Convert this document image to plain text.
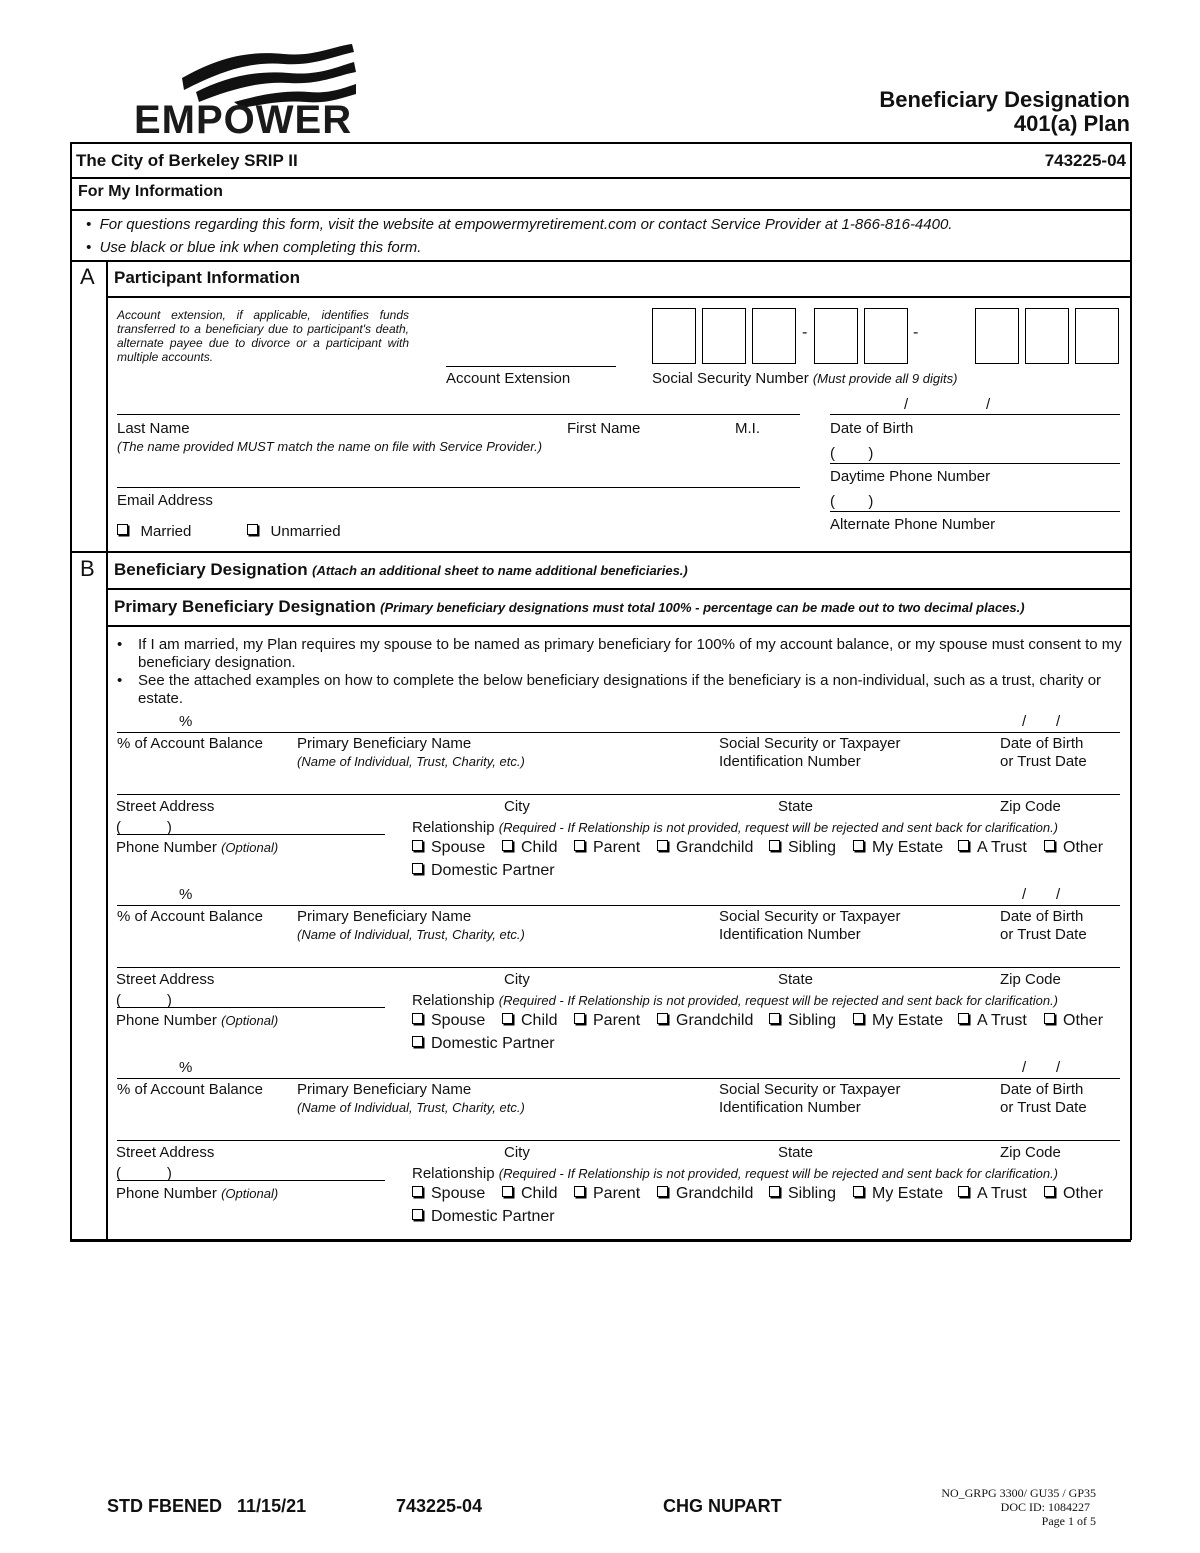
EMPOWER	Beneficiary Designation
401(a) Plan
The City of Berkeley SRIP II	743225-04
For My Information
•  For questions regarding this form, visit the website at empowermyretirement.com or contact Service Provider at 1-866-816-4400.
•  Use black or blue ink when completing this form.
A Participant Information
Account extension, if applicable, identifies funds transferred to a beneficiary due to participant's death, alternate payee due to divorce or a participant with multiple accounts.
Account Extension
-	-
Social Security Number (Must provide all 9 digits)
Last Name	First Name	M.I.
(The name provided MUST match the name on file with Service Provider.)
/	/
Date of Birth
(        )
Daytime Phone Number
Email Address	(        )
Alternate Phone Number
Married	Unmarried
B Beneficiary Designation (Attach an additional sheet to name additional beneficiaries.)
Primary Beneficiary Designation (Primary beneficiary designations must total 100% - percentage can be made out to two decimal places.)
• If I am married, my Plan requires my spouse to be named as primary beneficiary for 100% of my account balance, or my spouse must consent to my beneficiary designation.
• See the attached examples on how to complete the below beneficiary designations if the beneficiary is a non-individual, such as a trust, charity or estate.
%	/ /
% of Account Balance Primary Beneficiary Name
(Name of Individual, Trust, Charity, etc.)
Social Security or Taxpayer
Identification Number
Date of Birth
or Trust Date
Street Address	City	State	Zip Code
(           )
Phone Number (Optional)
Relationship (Required - If Relationship is not provided, request will be rejected and sent back for clarification.)
Spouse	Child	Parent	Grandchild	Sibling	My Estate	A Trust	Other
Domestic Partner
%	/ /
% of Account Balance Primary Beneficiary Name
(Name of Individual, Trust, Charity, etc.)
Social Security or Taxpayer
Identification Number
Date of Birth
or Trust Date
Street Address	City	State	Zip Code
(           )
Phone Number (Optional)
Relationship (Required - If Relationship is not provided, request will be rejected and sent back for clarification.)
Spouse	Child	Parent	Grandchild	Sibling	My Estate	A Trust	Other
Domestic Partner
%	/ /
% of Account Balance Primary Beneficiary Name
(Name of Individual, Trust, Charity, etc.)
Social Security or Taxpayer
Identification Number
Date of Birth
or Trust Date
Street Address	City	State	Zip Code
(           )
Phone Number (Optional)
Relationship (Required - If Relationship is not provided, request will be rejected and sent back for clarification.)
Spouse	Child	Parent	Grandchild	Sibling	My Estate	A Trust	Other
Domestic Partner
STD FBENED 11/15/21	743225-04	CHG NUPART
NO_GRPG 3300/ GU35 / GP35
DOC ID: 1084227
Page 1 of 5
